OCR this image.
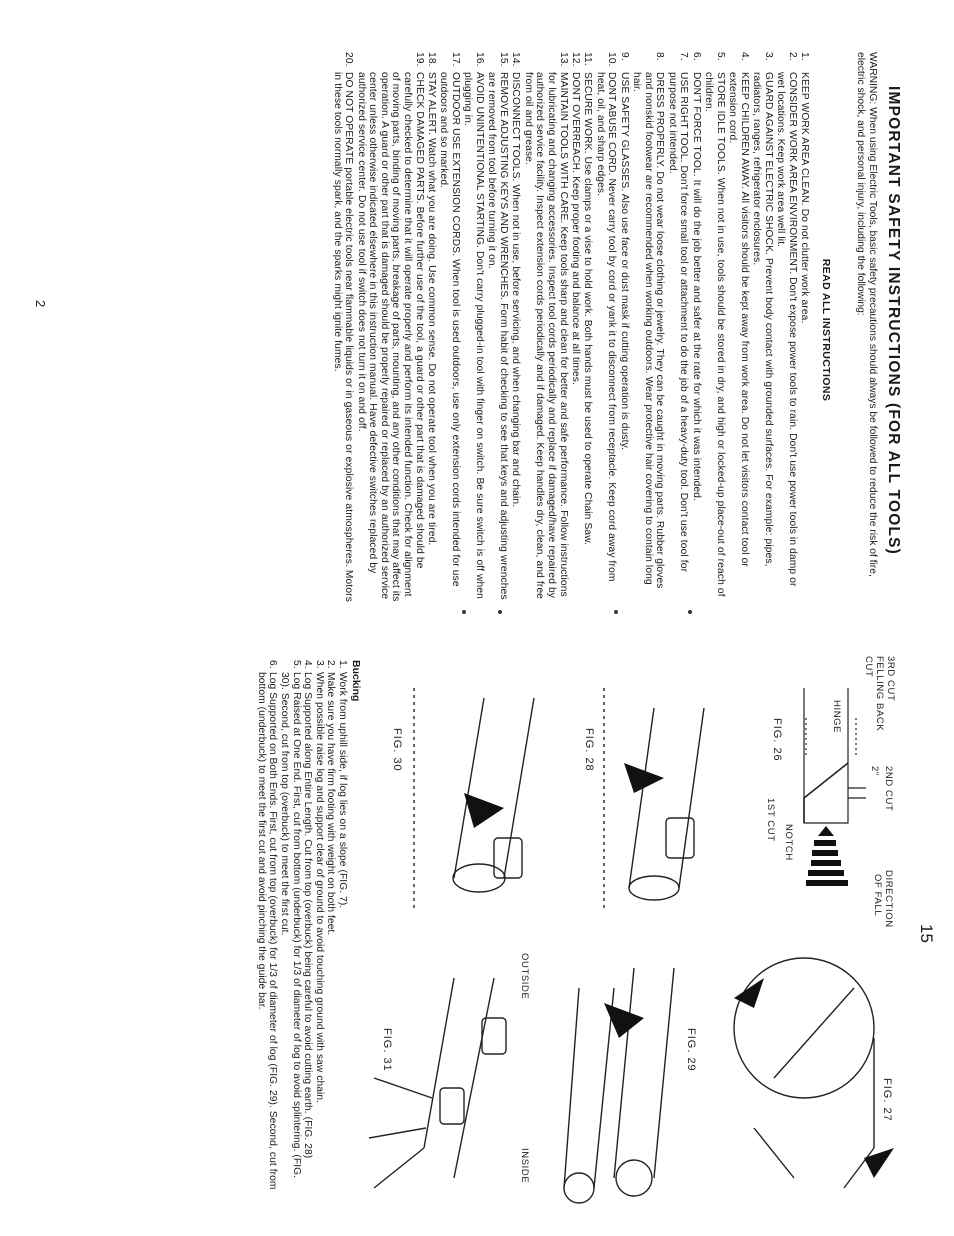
IMPORTANT SAFETY INSTRUCTIONS (FOR ALL TOOLS)
WARNING: When using Electric Tools, basic safety precautions should always be followed to reduce the risk of fire, electric shock, and personal injury, including the following:
READ ALL INSTRUCTIONS
1.
KEEP WORK AREA CLEAN. Do not clutter work area.
2.
CONSIDER WORK AREA ENVIRONMENT. Don't expose power tools to rain. Don't use power tools in damp or wet locations. Keep work area well lit.
3.
GUARD AGAINST ELECTRIC SHOCK. Prevent body contact with grounded surfaces. For example: pipes, radiators, ranges, refrigerator enclosures.
4.
KEEP CHILDREN AWAY. All visitors should be kept away from work area. Do not let visitors contact tool or extension cord.
5.
STORE IDLE TOOLS. When not in use, tools should be stored in dry, and high or locked-up place-out of reach of children.
6.
DON'T FORCE TOOL. It will do the job better and safer at the rate for which it was intended.
7.
USE RIGHT TOOL. Don't force small tool or attachment to do the job of a heavy-duty tool. Don't use tool for purpose not intended.
8.
DRESS PROPERLY. Do not wear loose clothing or jewelry. They can be caught in moving parts. Rubber gloves and nonskid footwear are recommended when working outdoors. Wear protective hair covering to contain long hair.
9.
USE SAFETY GLASSES. Also use face or dust mask if cutting operation is dusty.
10.
DONT ABUSE CORD. Never carry tool by cord or yank it to disconnect from receptacle. Keep cord away from heat, oil, and sharp edges.
11.
SECURE WORK. Use clamps or a vise to hold work. Both hands must be used to operate Chain Saw.
12.
DONT OVERREACH. Keep proper footing and balance at all times.
13.
MAINTAIN TOOLS WITH CARE. Keep tools sharp and clean for better and safe performance. Follow instructions for lubricating and changing accessories. Inspect tool cords periodically and replace if damaged/have repaired by authorized service facility. Inspect extension cords periodically and if damaged. Keep handles dry, clean, and free from oil and grease.
14.
DISCONNECT TOOLS. When not in use, before servicing, and when changing bar and chain.
15.
REMOVE ADJUSTING KEYS AND WRENCHES. Form habit of checking to see that keys and adjusting wrenches are removed from tool before turning it on.
16.
AVOID UNINTENTIONAL STARTING. Don't carry plugged-in tool with finger on switch. Be sure switch is off when plugging in.
17.
OUTDOOR USE EXTENSION CORDS. When tool is used outdoors, use only extension cords intended for use outdoors and so marked.
18.
STAY ALERT. Watch what you are doing. Use common sense. Do not operate tool when you are tired.
19.
CHECK DAMAGED PARTS. Before further use of the tool, a guard or other part that is damaged should be carefully checked to determine that it will operate properly and perform its intended function. Check for alignment of moving parts, binding of moving parts, breakage of parts, mounting, and any other conditions that may affect its operation. A guard or other part that is damaged should be properly repaired or replaced by an authorized service center unless otherwise indicated elsewhere in this instruction manual. Have defective switches replaced by authorized service center. Do not use tool if switch does not turn it on and off.
20.
DO NOT OPERATE portable electric tools near flammable liquids or in gaseous or explosive atmospheres. Motors in these tools normally spark, and the sparks might ignite fumes.
2
15
2ND CUT
DIRECTION
OF FALL
3RD CUT
FELLING BACK
CUT
2"
NOTCH
1ST CUT
HINGE
FIG. 26
FIG. 27
FIG. 28
FIG. 29
FIG. 30
OUTSIDE
INSIDE
FIG. 31
Bucking
1.
Work from uphill side, if log lies on a slope (FIG. 7).
2.
Make sure you have firm footing with weight on both feet.
3.
When possible raise log and support clear of ground to avoid touching ground with saw chain.
4.
Log Supported along Entire Length. Cut from top (overbuck) being careful to avoid cutting earth. (FIG. 28)
5.
Log Raised at One End. First, cut from bottom (underbuck) for 1/3 of diameter of log to avoid splintering. (FIG. 30). Second, cut from top (overbuck) to meet the first cut.
6.
Log Supported on Both Ends. First, cut from top (overbuck) for 1/3 of diameter of log (FIG. 29). Second, cut from bottom (underbuck) to meet the first cut and avoid pinching the guide bar.
